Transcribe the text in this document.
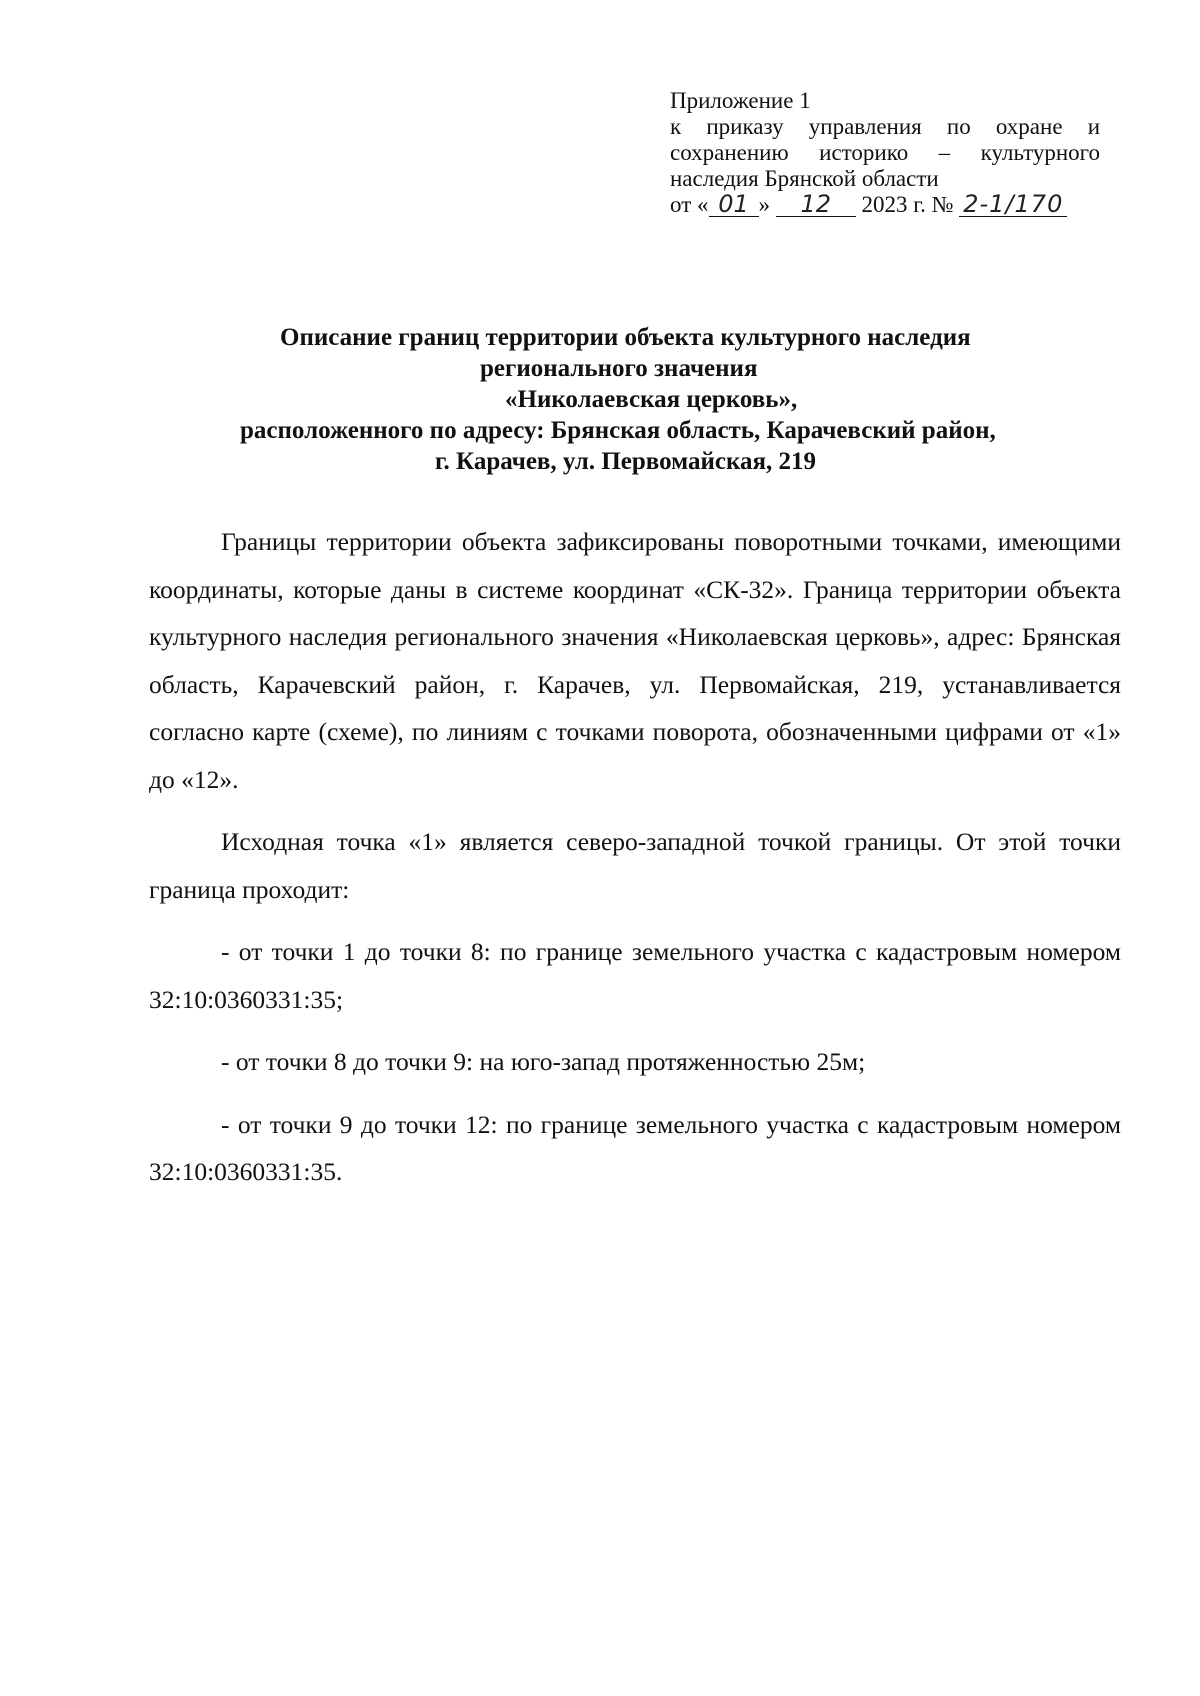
Приложение 1
к приказу управления по охране и
сохранению историко – культурного
наследия Брянской области
от « 01 » 12 2023 г. № 2-1/170
Описание границ территории объекта культурного наследия
регионального значения
«Николаевская церковь»,
расположенного по адресу: Брянская область, Карачевский район,
г. Карачев, ул. Первомайская, 219

Границы территории объекта зафиксированы поворотными точками, имеющими координаты, которые даны в системе координат «СК-32». Граница территории объекта культурного наследия регионального значения «Николаевская церковь», адрес: Брянская область, Карачевский район, г. Карачев, ул. Первомайская, 219, устанавливается согласно карте (схеме), по линиям с точками поворота, обозначенными цифрами от «1» до «12».

Исходная точка «1» является северо-западной точкой границы. От этой точки граница проходит:

- от точки 1 до точки 8: по границе земельного участка с кадастровым номером 32:10:0360331:35;

- от точки 8 до точки 9: на юго-запад протяженностью 25м;

- от точки 9 до точки 12: по границе земельного участка с кадастровым номером 32:10:0360331:35.
